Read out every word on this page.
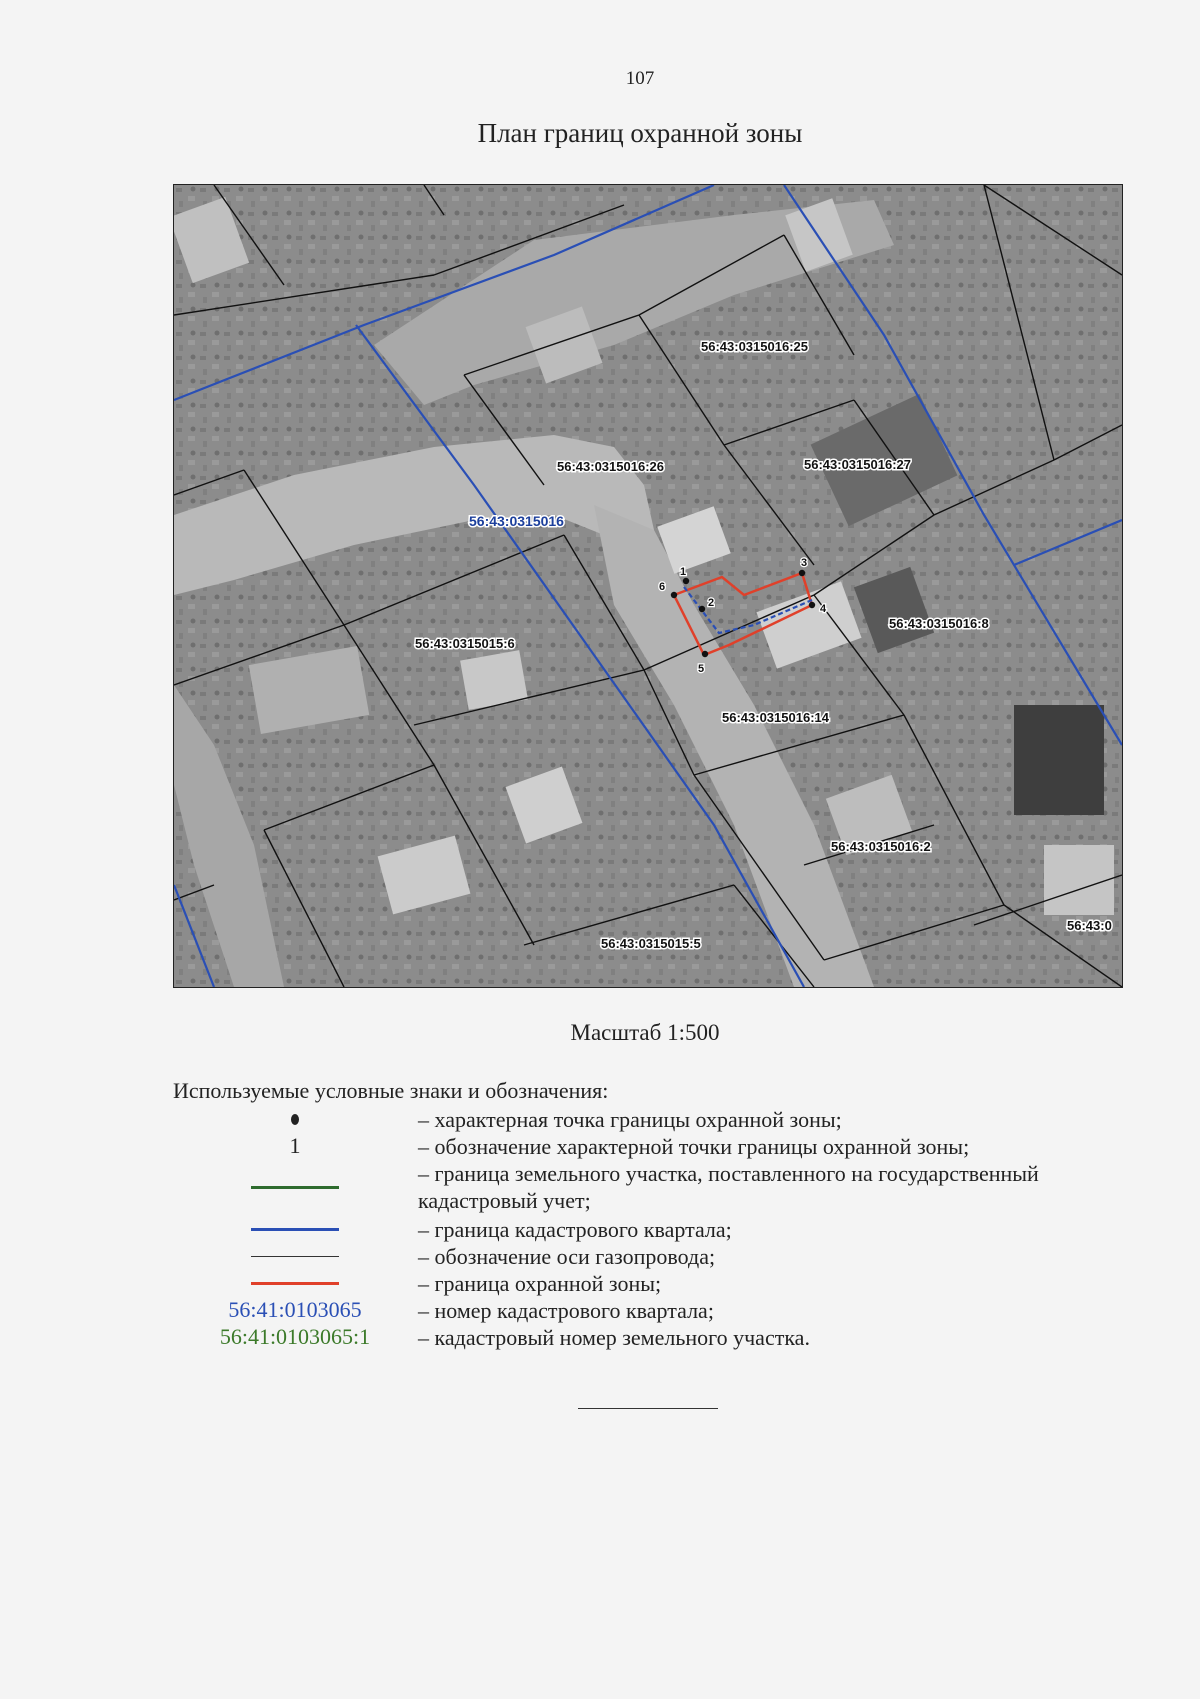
107
План границ охранной зоны
1
2
3
4
5
6
56:43:0315016
56:43:0315016:25
56:43:0315016:26	56:43:0315016:27
56:43:0315015:6
56:43:0315016:8
56:43:0315016:14
56:43:0315016:2
56:43:0315015:5
56:43:0
Масштаб 1:500
Используемые условные знаки и обозначения:
– характерная точка границы охранной зоны;
1	– обозначение характерной точки границы охранной зоны;
– граница земельного участка, поставленного на государственный кадастровый учет;
– граница кадастрового квартала;
– обозначение оси газопровода;
– граница охранной зоны;
56:41:0103065	– номер кадастрового квартала;
56:41:0103065:1 – кадастровый номер земельного участка.
